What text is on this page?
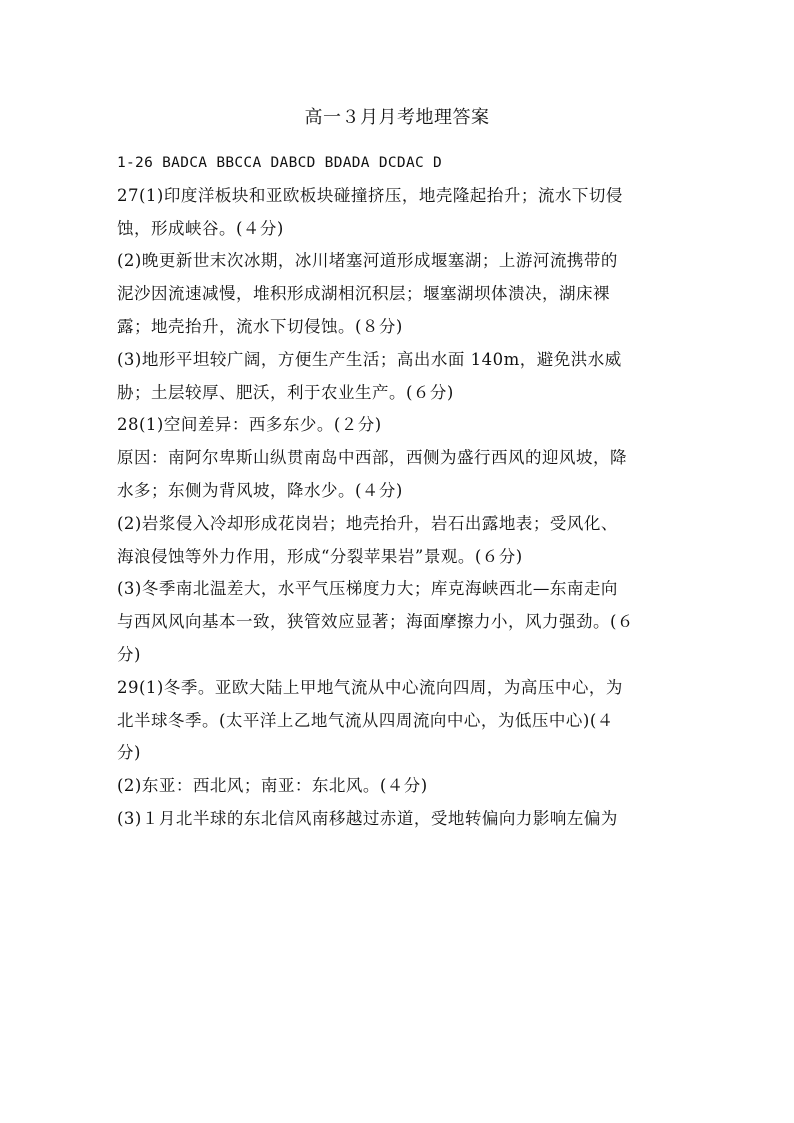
高一３月月考地理答案
1-26 BADCA BBCCA DABCD BDADA DCDAC D
27(1)印度洋板块和亚欧板块碰撞挤压，地壳隆起抬升；流水下切侵
蚀，形成峡谷。(４分)
(2)晚更新世末次冰期，冰川堵塞河道形成堰塞湖；上游河流携带的
泥沙因流速减慢，堆积形成湖相沉积层；堰塞湖坝体溃决，湖床裸
露；地壳抬升，流水下切侵蚀。(８分)
(3)地形平坦较广阔，方便生产生活；高出水面 140m，避免洪水威
胁；土层较厚、肥沃，利于农业生产。(６分)
28(1)空间差异：西多东少。(２分)
原因：南阿尔卑斯山纵贯南岛中西部，西侧为盛行西风的迎风坡，降
水多；东侧为背风坡，降水少。(４分)
(2)岩浆侵入冷却形成花岗岩；地壳抬升，岩石出露地表；受风化、
海浪侵蚀等外力作用，形成“分裂苹果岩”景观。(６分)
(3)冬季南北温差大，水平气压梯度力大；库克海峡西北—东南走向
与西风风向基本一致，狭管效应显著；海面摩擦力小，风力强劲。(６
分)
29(1)冬季。亚欧大陆上甲地气流从中心流向四周，为高压中心，为
北半球冬季。(太平洋上乙地气流从四周流向中心，为低压中心)(４
分)
(2)东亚：西北风；南亚：东北风。(４分)
(3)１月北半球的东北信风南移越过赤道，受地转偏向力影响左偏为
